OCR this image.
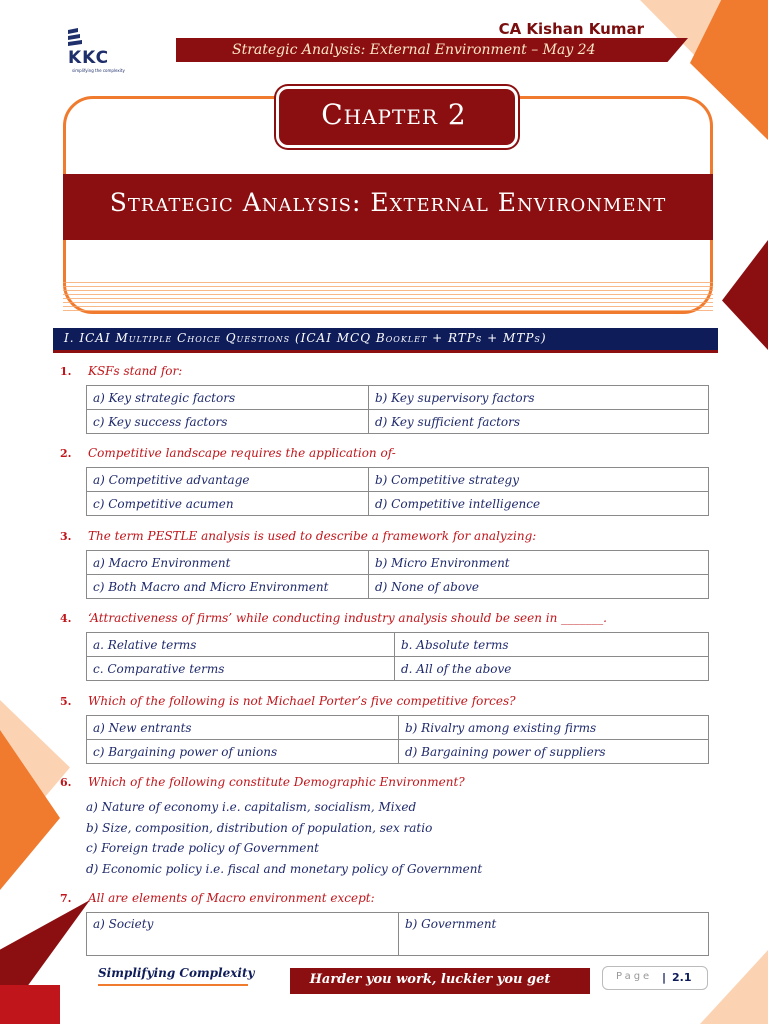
KKC
simplifying the complexity
CA Kishan Kumar
Strategic Analysis: External Environment – May 24
Chapter 2
Strategic Analysis: External Environment
I. ICAI Multiple Choice Questions (ICAI MCQ Booklet + RTPs + MTPs)
1. KSFs stand for:
a) Key strategic factors	b) Key supervisory factors
c) Key success factors	d) Key sufficient factors
2. Competitive landscape requires the application of-
a) Competitive advantage	b) Competitive strategy
c) Competitive acumen	d) Competitive intelligence
3. The term PESTLE analysis is used to describe a framework for analyzing:
a) Macro Environment	b) Micro Environment
c) Both Macro and Micro Environment	d) None of above
4. ‘Attractiveness of firms’ while conducting industry analysis should be seen in _______.
a. Relative terms	b. Absolute terms
c. Comparative terms	d. All of the above
5. Which of the following is not Michael Porter’s five competitive forces?
a) New entrants	b) Rivalry among existing firms
c) Bargaining power of unions	d) Bargaining power of suppliers
6. Which of the following constitute Demographic Environment?
a) Nature of economy i.e. capitalism, socialism, Mixed
b) Size, composition, distribution of population, sex ratio
c) Foreign trade policy of Government
d) Economic policy i.e. fiscal and monetary policy of Government
7. All are elements of Macro environment except:
a) Society	b) Government
Simplifying Complexity	Harder you work, luckier you get	Page | 2.1
